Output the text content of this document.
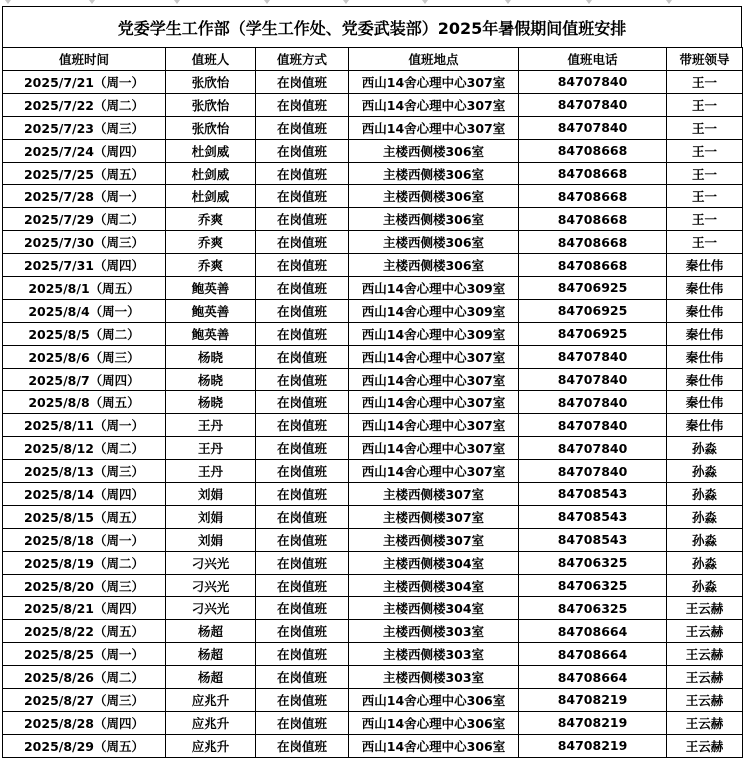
党委学生工作部（学生工作处、党委武装部）2025年暑假期间值班安排
值班时间	值班人	值班方式	值班地点	值班电话	带班领导
2025/7/21（周一）	张欣怡	在岗值班	西山14舍心理中心307室	84707840	王一
2025/7/22（周二）	张欣怡	在岗值班	西山14舍心理中心307室	84707840	王一
2025/7/23（周三）	张欣怡	在岗值班	西山14舍心理中心307室	84707840	王一
2025/7/24（周四）	杜剑威	在岗值班	主楼西侧楼306室	84708668	王一
2025/7/25（周五）	杜剑威	在岗值班	主楼西侧楼306室	84708668	王一
2025/7/28（周一）	杜剑威	在岗值班	主楼西侧楼306室	84708668	王一
2025/7/29（周二）	乔爽	在岗值班	主楼西侧楼306室	84708668	王一
2025/7/30（周三）	乔爽	在岗值班	主楼西侧楼306室	84708668	王一
2025/7/31（周四）	乔爽	在岗值班	主楼西侧楼306室	84708668	秦仕伟
2025/8/1（周五）	鲍英善	在岗值班	西山14舍心理中心309室	84706925	秦仕伟
2025/8/4（周一）	鲍英善	在岗值班	西山14舍心理中心309室	84706925	秦仕伟
2025/8/5（周二）	鲍英善	在岗值班	西山14舍心理中心309室	84706925	秦仕伟
2025/8/6（周三）	杨晓	在岗值班	西山14舍心理中心307室	84707840	秦仕伟
2025/8/7（周四）	杨晓	在岗值班	西山14舍心理中心307室	84707840	秦仕伟
2025/8/8（周五）	杨晓	在岗值班	西山14舍心理中心307室	84707840	秦仕伟
2025/8/11（周一）	王丹	在岗值班	西山14舍心理中心307室	84707840	秦仕伟
2025/8/12（周二）	王丹	在岗值班	西山14舍心理中心307室	84707840	孙淼
2025/8/13（周三）	王丹	在岗值班	西山14舍心理中心307室	84707840	孙淼
2025/8/14（周四）	刘娟	在岗值班	主楼西侧楼307室	84708543	孙淼
2025/8/15（周五）	刘娟	在岗值班	主楼西侧楼307室	84708543	孙淼
2025/8/18（周一）	刘娟	在岗值班	主楼西侧楼307室	84708543	孙淼
2025/8/19（周二）	刁兴光	在岗值班	主楼西侧楼304室	84706325	孙淼
2025/8/20（周三）	刁兴光	在岗值班	主楼西侧楼304室	84706325	孙淼
2025/8/21（周四）	刁兴光	在岗值班	主楼西侧楼304室	84706325	王云赫
2025/8/22（周五）	杨超	在岗值班	主楼西侧楼303室	84708664	王云赫
2025/8/25（周一）	杨超	在岗值班	主楼西侧楼303室	84708664	王云赫
2025/8/26（周二）	杨超	在岗值班	主楼西侧楼303室	84708664	王云赫
2025/8/27（周三）	应兆升	在岗值班	西山14舍心理中心306室	84708219	王云赫
2025/8/28（周四）	应兆升	在岗值班	西山14舍心理中心306室	84708219	王云赫
2025/8/29（周五）	应兆升	在岗值班	西山14舍心理中心306室	84708219	王云赫
